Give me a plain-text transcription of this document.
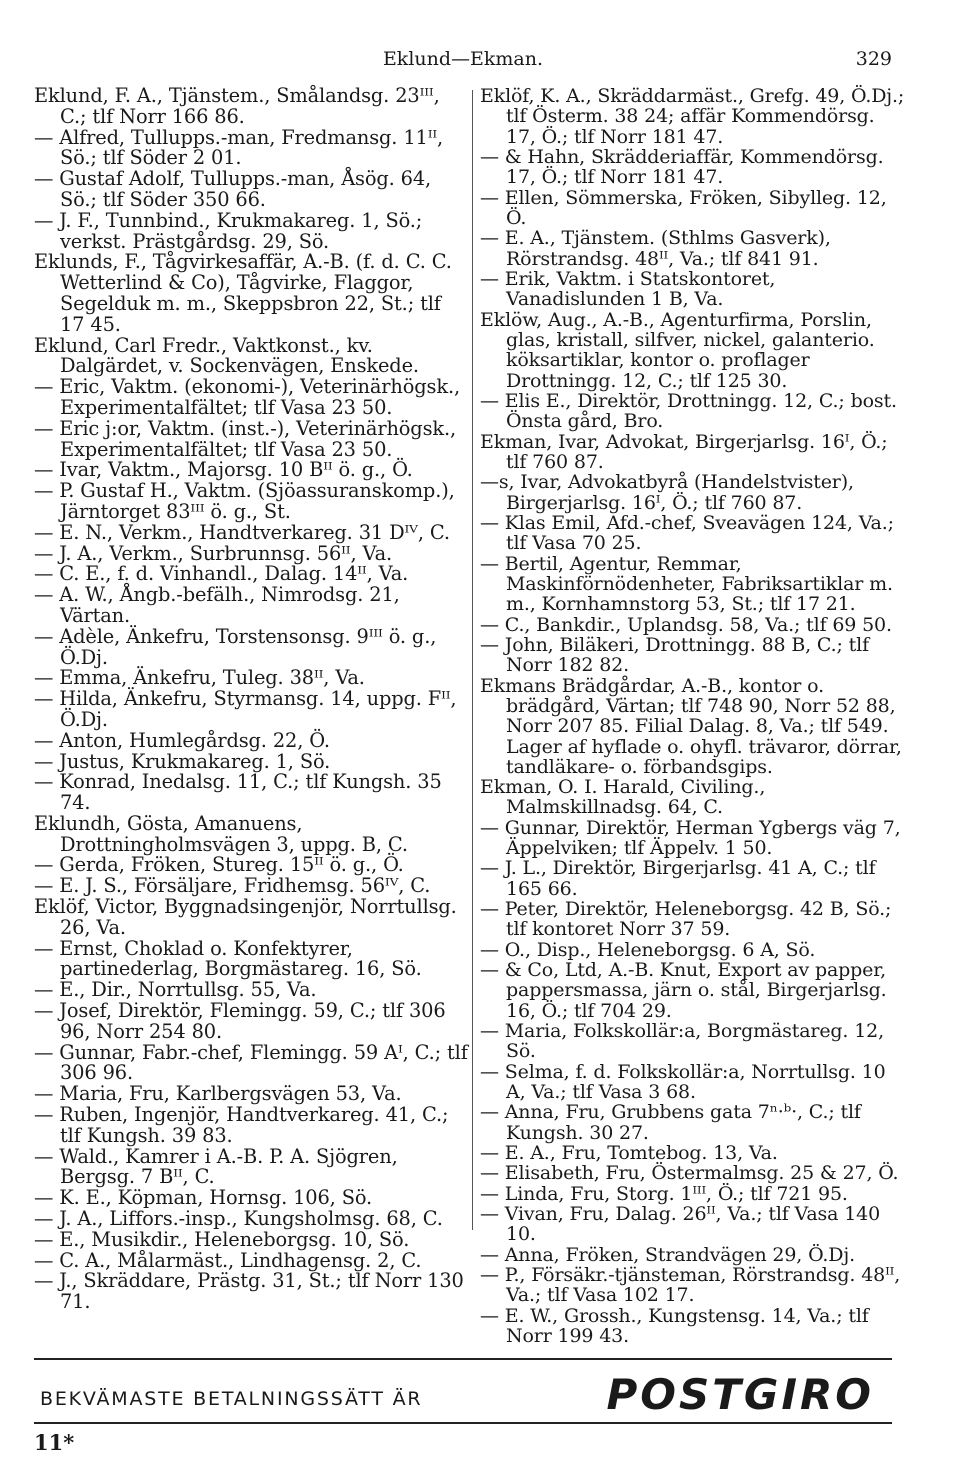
Eklund—Ekman.	329
Eklund, F. A., Tjänstem., Smålandsg. 23ᴵᴵᴵ, C.; tlf Norr 166 86.
— Alfred, Tullupps.-man, Fredmansg. 11ᴵᴵ, Sö.; tlf Söder 2 01.
— Gustaf Adolf, Tullupps.-man, Åsög. 64, Sö.; tlf Söder 350 66.
— J. F., Tunnbind., Krukmakareg. 1, Sö.; verkst. Prästgårdsg. 29, Sö.
Eklunds, F., Tågvirkesaffär, A.-B. (f. d. C. C. Wetterlind & Co), Tågvirke, Flaggor, Segelduk m. m., Skeppsbron 22, St.; tlf 17 45.
Eklund, Carl Fredr., Vaktkonst., kv. Dalgärdet, v. Sockenvägen, Enskede.
— Eric, Vaktm. (ekonomi-), Veterinärhögsk., Experimentalfältet; tlf Vasa 23 50.
— Eric j:or, Vaktm. (inst.-), Veterinärhögsk., Experimentalfältet; tlf Vasa 23 50.
— Ivar, Vaktm., Majorsg. 10 Bᴵᴵ ö. g., Ö.
— P. Gustaf H., Vaktm. (Sjöassuranskomp.), Järntorget 83ᴵᴵᴵ ö. g., St.
— E. N., Verkm., Handtverkareg. 31 Dᴵⱽ, C.
— J. A., Verkm., Surbrunnsg. 56ᴵᴵ, Va.
— C. E., f. d. Vinhandl., Dalag. 14ᴵᴵ, Va.
— A. W., Ångb.-befälh., Nimrodsg. 21, Värtan.
— Adèle, Änkefru, Torstensonsg. 9ᴵᴵᴵ ö. g., Ö.Dj.
— Emma, Änkefru, Tuleg. 38ᴵᴵ, Va.
— Hilda, Änkefru, Styrmansg. 14, uppg. Fᴵᴵ, Ö.Dj.
— Anton, Humlegårdsg. 22, Ö.
— Justus, Krukmakareg. 1, Sö.
— Konrad, Inedalsg. 11, C.; tlf Kungsh. 35 74.
Eklundh, Gösta, Amanuens, Drottningholmsvägen 3, uppg. B, C.
— Gerda, Fröken, Stureg. 15ᴵᴵ ö. g., Ö.
— E. J. S., Försäljare, Fridhemsg. 56ᴵⱽ, C.
Eklöf, Victor, Byggnadsingenjör, Norrtullsg. 26, Va.
— Ernst, Choklad o. Konfektyrer, partinederlag, Borgmästareg. 16, Sö.
— E., Dir., Norrtullsg. 55, Va.
— Josef, Direktör, Flemingg. 59, C.; tlf 306 96, Norr 254 80.
— Gunnar, Fabr.-chef, Flemingg. 59 Aᴵ, C.; tlf 306 96.
— Maria, Fru, Karlbergsvägen 53, Va.
— Ruben, Ingenjör, Handtverkareg. 41, C.; tlf Kungsh. 39 83.
— Wald., Kamrer i A.-B. P. A. Sjögren, Bergsg. 7 Bᴵᴵ, C.
— K. E., Köpman, Hornsg. 106, Sö.
— J. A., Liffors.-insp., Kungsholmsg. 68, C.
— E., Musikdir., Heleneborgsg. 10, Sö.
— C. A., Målarmäst., Lindhagensg. 2, C.
— J., Skräddare, Prästg. 31, St.; tlf Norr 130 71.
Eklöf, K. A., Skräddarmäst., Grefg. 49, Ö.Dj.; tlf Österm. 38 24; affär Kommendörsg. 17, Ö.; tlf Norr 181 47.
— & Hahn, Skrädderiaffär, Kommendörsg. 17, Ö.; tlf Norr 181 47.
— Ellen, Sömmerska, Fröken, Sibylleg. 12, Ö.
— E. A., Tjänstem. (Sthlms Gasverk), Rörstrandsg. 48ᴵᴵ, Va.; tlf 841 91.
— Erik, Vaktm. i Statskontoret, Vanadislunden 1 B, Va.
Eklöw, Aug., A.-B., Agenturfirma, Porslin, glas, kristall, silfver, nickel, galanterio. köksartiklar, kontor o. proflager Drottningg. 12, C.; tlf 125 30.
— Elis E., Direktör, Drottningg. 12, C.; bost. Önsta gård, Bro.
Ekman, Ivar, Advokat, Birgerjarlsg. 16ᴵ, Ö.; tlf 760 87.
—s, Ivar, Advokatbyrå (Handelstvister), Birgerjarlsg. 16ᴵ, Ö.; tlf 760 87.
— Klas Emil, Afd.-chef, Sveavägen 124, Va.; tlf Vasa 70 25.
— Bertil, Agentur, Remmar, Maskinförnödenheter, Fabriksartiklar m. m., Kornhamnstorg 53, St.; tlf 17 21.
— C., Bankdir., Uplandsg. 58, Va.; tlf 69 50.
— John, Biläkeri, Drottningg. 88 B, C.; tlf Norr 182 82.
Ekmans Brädgårdar, A.-B., kontor o. brädgård, Värtan; tlf 748 90, Norr 52 88, Norr 207 85. Filial Dalag. 8, Va.; tlf 549. Lager af hyflade o. ohyfl. trävaror, dörrar, tandläkare- o. förbandsgips.
Ekman, O. I. Harald, Civiling., Malmskillnadsg. 64, C.
— Gunnar, Direktör, Herman Ygbergs väg 7, Äppelviken; tlf Äppelv. 1 50.
— J. L., Direktör, Birgerjarlsg. 41 A, C.; tlf 165 66.
— Peter, Direktör, Heleneborgsg. 42 B, Sö.; tlf kontoret Norr 37 59.
— O., Disp., Heleneborgsg. 6 A, Sö.
— & Co, Ltd, A.-B. Knut, Export av papper, pappersmassa, järn o. stål, Birgerjarlsg. 16, Ö.; tlf 704 29.
— Maria, Folkskollär:a, Borgmästareg. 12, Sö.
— Selma, f. d. Folkskollär:a, Norrtullsg. 10 A, Va.; tlf Vasa 3 68.
— Anna, Fru, Grubbens gata 7ⁿ·ᵇ·, C.; tlf Kungsh. 30 27.
— E. A., Fru, Tomtebog. 13, Va.
— Elisabeth, Fru, Östermalmsg. 25 & 27, Ö.
— Linda, Fru, Storg. 1ᴵᴵᴵ, Ö.; tlf 721 95.
— Vivan, Fru, Dalag. 26ᴵᴵ, Va.; tlf Vasa 140 10.
— Anna, Fröken, Strandvägen 29, Ö.Dj.
— P., Försäkr.-tjänsteman, Rörstrandsg. 48ᴵᴵ, Va.; tlf Vasa 102 17.
— E. W., Grossh., Kungstensg. 14, Va.; tlf Norr 199 43.
BEKVÄMASTE BETALNINGSSÄTT ÄR	POSTGIRO
11*
